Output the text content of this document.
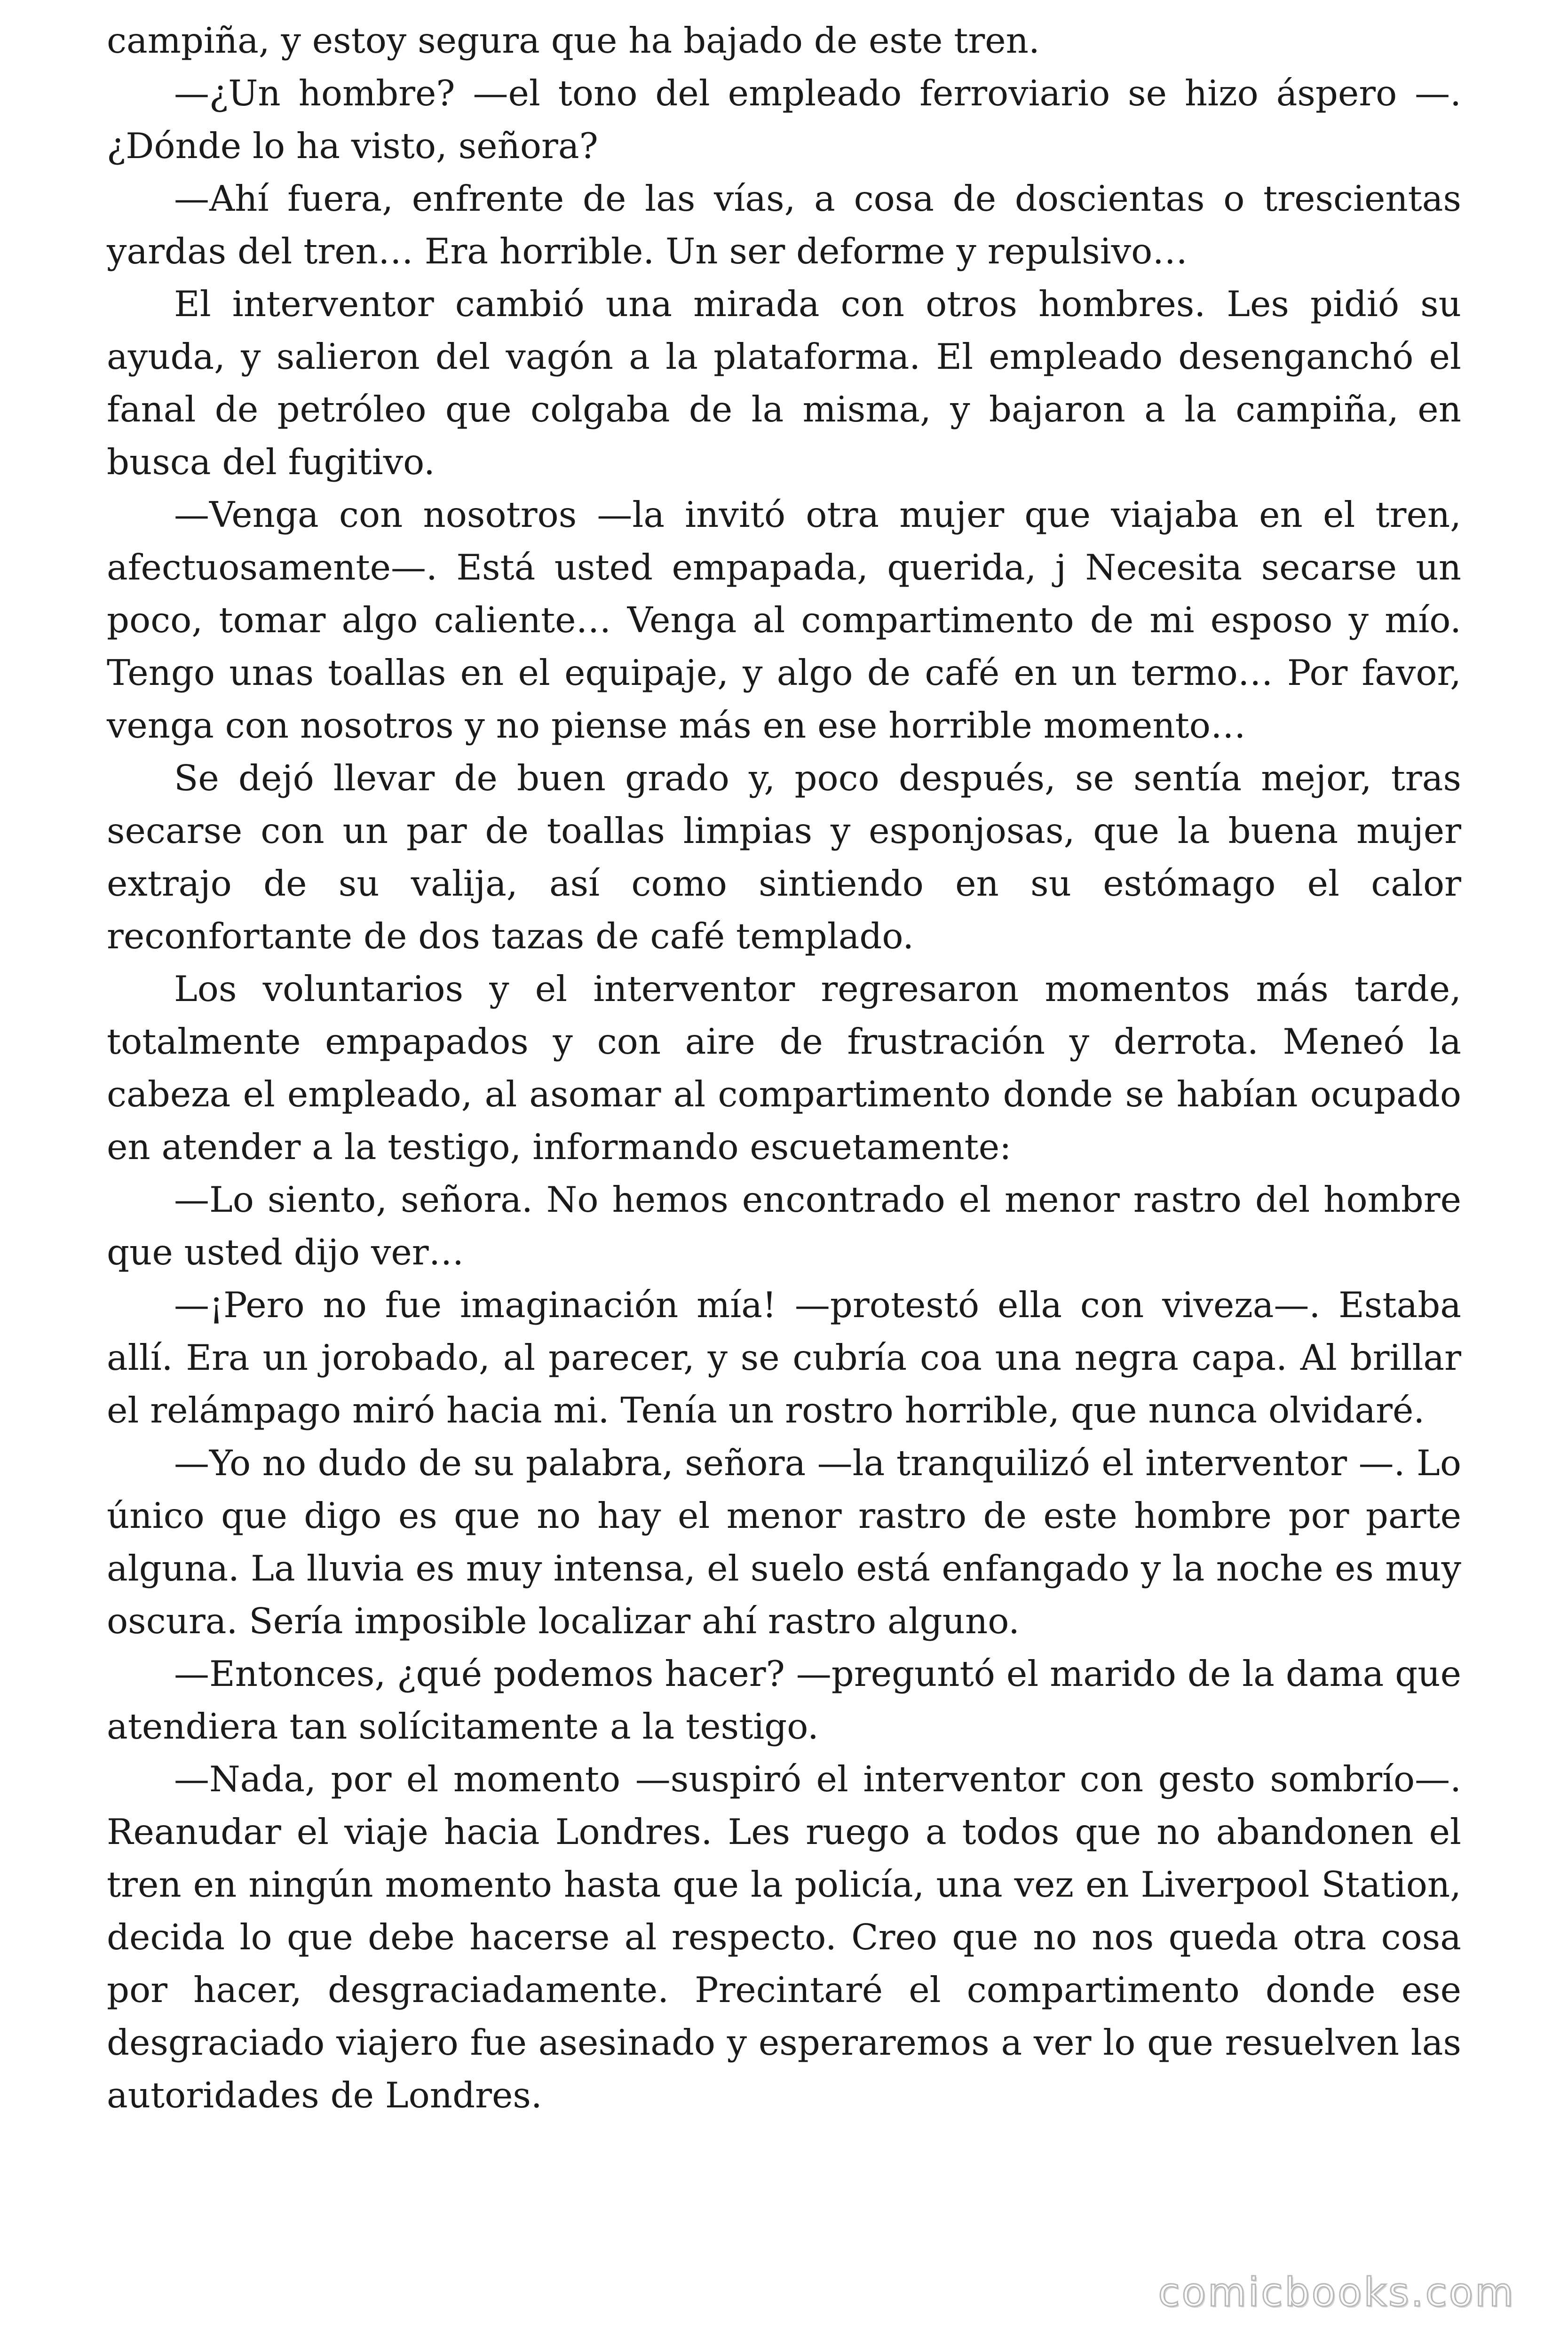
campiña, y estoy segura que ha bajado de este tren.

—¿Un hombre? —el tono del empleado ferroviario se hizo áspero —. ¿Dónde lo ha visto, señora?

—Ahí fuera, enfrente de las vías, a cosa de doscientas o trescientas yardas del tren… Era horrible. Un ser deforme y repulsivo…

El interventor cambió una mirada con otros hombres. Les pidió su ayuda, y salieron del vagón a la plataforma. El empleado desenganchó el fanal de petróleo que colgaba de la misma, y bajaron a la campiña, en busca del fugitivo.

—Venga con nosotros —la invitó otra mujer que viajaba en el tren, afectuosamente—. Está usted empapada, querida, j Necesita secarse un poco, tomar algo caliente… Venga al compartimento de mi esposo y mío. Tengo unas toallas en el equipaje, y algo de café en un termo… Por favor, venga con nosotros y no piense más en ese horrible momento…

Se dejó llevar de buen grado y, poco después, se sentía mejor, tras secarse con un par de toallas limpias y esponjosas, que la buena mujer extrajo de su valija, así como sintiendo en su estómago el calor reconfortante de dos tazas de café templado.

Los voluntarios y el interventor regresaron momentos más tarde, totalmente empapados y con aire de frustración y derrota. Meneó la cabeza el empleado, al asomar al compartimento donde se habían ocupado en atender a la testigo, informando escuetamente:

—Lo siento, señora. No hemos encontrado el menor rastro del hombre que usted dijo ver…

—¡Pero no fue imaginación mía! —protestó ella con viveza—. Estaba allí. Era un jorobado, al parecer, y se cubría coa una negra capa. Al brillar el relámpago miró hacia mi. Tenía un rostro horrible, que nunca olvidaré.

—Yo no dudo de su palabra, señora —la tranquilizó el interventor —. Lo único que digo es que no hay el menor rastro de este hombre por parte alguna. La lluvia es muy intensa, el suelo está enfangado y la noche es muy oscura. Sería imposible localizar ahí rastro alguno.

—Entonces, ¿qué podemos hacer? —preguntó el marido de la dama que atendiera tan solícitamente a la testigo.

—Nada, por el momento —suspiró el interventor con gesto sombrío—. Reanudar el viaje hacia Londres. Les ruego a todos que no abandonen el tren en ningún momento hasta que la policía, una vez en Liverpool Station, decida lo que debe hacerse al respecto. Creo que no nos queda otra cosa por hacer, desgraciadamente. Precintaré el compartimento donde ese desgraciado viajero fue asesinado y esperaremos a ver lo que resuelven las autoridades de Londres.

comicbooks.com
